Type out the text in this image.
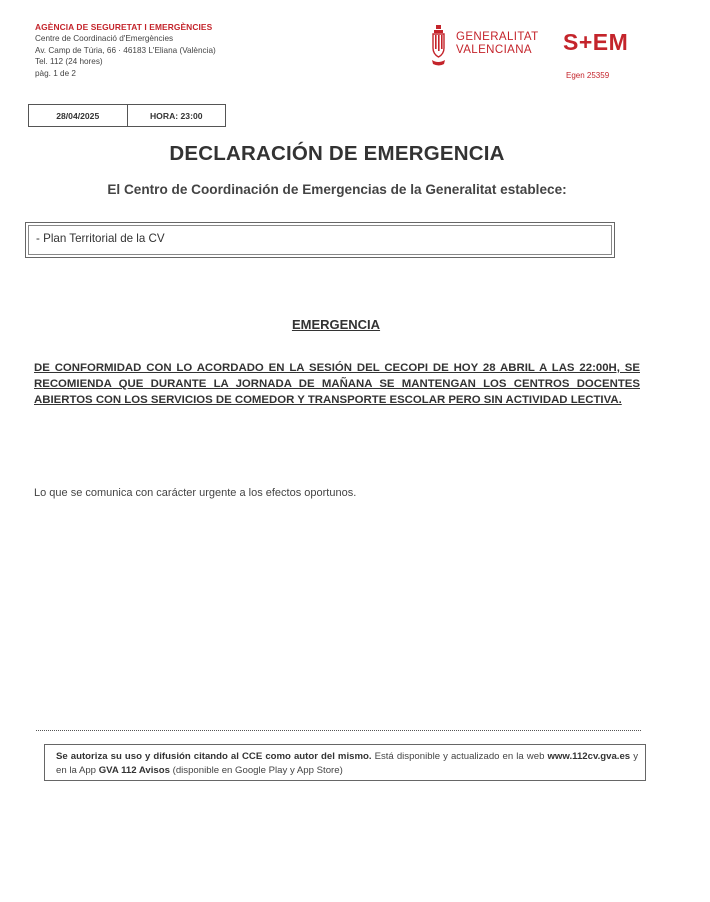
AGÈNCIA DE SEGURETAT I EMERGÈNCIES
Centre de Coordinació d'Emergències
Av. Camp de Túria, 66 · 46183 L'Eliana (València)
Tel. 112 (24 hores)
pàg. 1 de 2
GENERALITAT
VALENCIANA S+EM
Egen 25359
28/04/2025	HORA: 23:00
DECLARACIÓN DE EMERGENCIA
El Centro de Coordinación de Emergencias de la Generalitat establece:
- Plan Territorial de la CV
EMERGENCIA
DE CONFORMIDAD CON LO ACORDADO EN LA SESIÓN DEL CECOPI DE HOY 28 ABRIL A LAS 22:00H, SE RECOMIENDA QUE DURANTE LA JORNADA DE MAÑANA SE MANTENGAN LOS CENTROS DOCENTES ABIERTOS CON LOS SERVICIOS DE COMEDOR Y TRANSPORTE ESCOLAR PERO SIN ACTIVIDAD LECTIVA.
Lo que se comunica con carácter urgente a los efectos oportunos.
Se autoriza su uso y difusión citando al CCE como autor del mismo. Está disponible y actualizado en la web www.112cv.gva.es y en la App GVA 112 Avisos (disponible en Google Play y App Store)
